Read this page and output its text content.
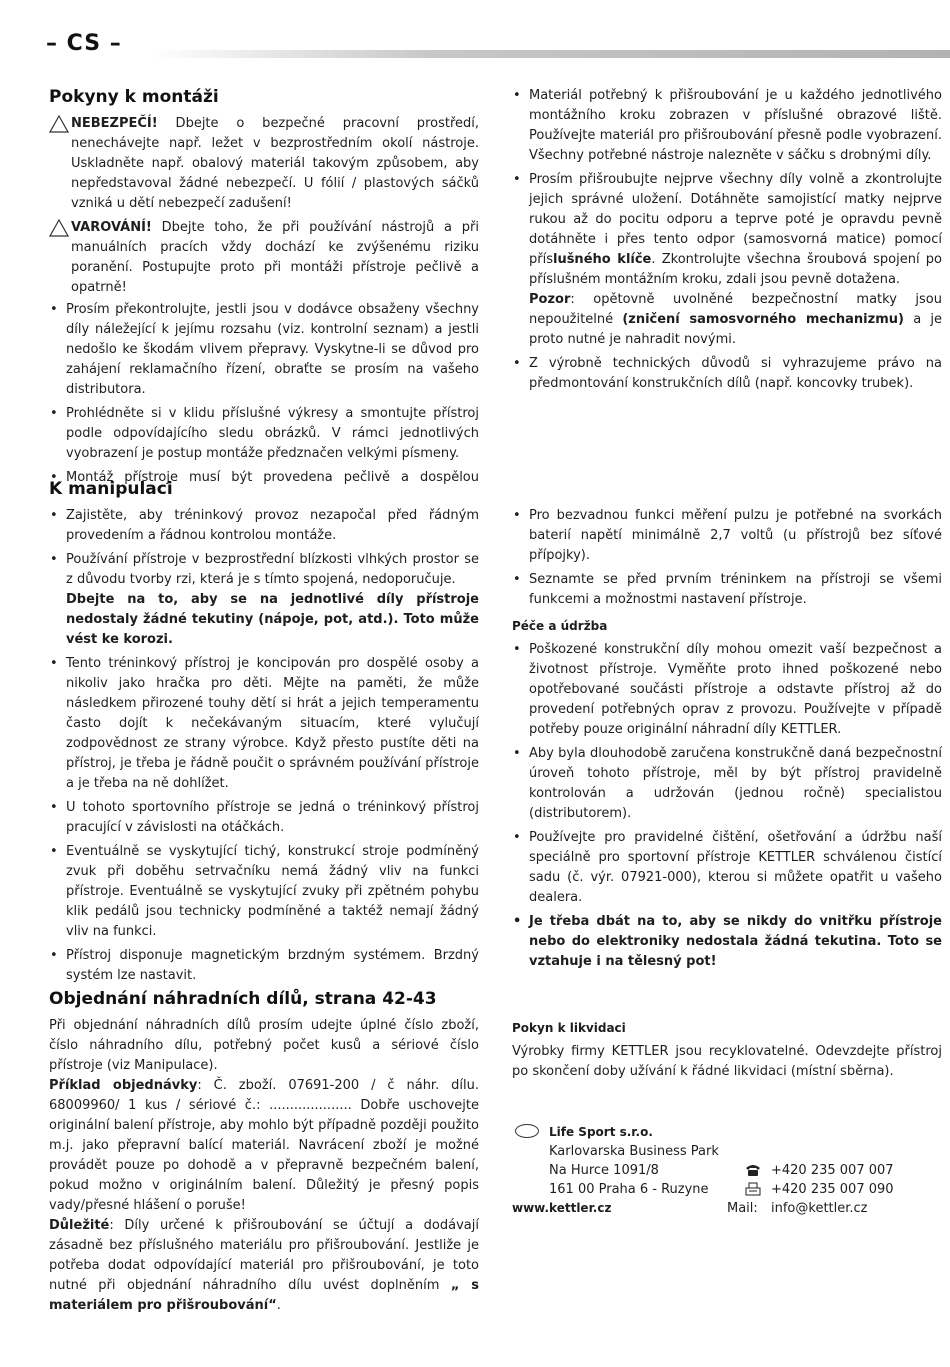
– CS –
Pokyny k montáži
NEBEZPEČÍ! Dbejte o bezpečné pracovní prostředí, nenechávejte např. ležet v bezprostředním okolí nástroje. Uskladněte např. obalový materiál takovým způsobem, aby nepředstavoval žádné nebezpečí. U fólií / plastových sáčků vzniká u dětí nebezpečí zadušení!
VAROVÁNÍ! Dbejte toho, že při používání nástrojů a při manuálních pracích vždy dochází ke zvýšenému riziku poranění. Postupujte proto při montáži přístroje pečlivě a opatrně!
• Prosím překontrolujte, jestli jsou v dodávce obsaženy všechny díly náležející k jejímu rozsahu (viz. kontrolní seznam) a jestli nedošlo ke škodám vlivem přepravy. Vyskytne-li se důvod pro zahájení reklamačního řízení, obraťte se prosím na vašeho distributora.
• Prohlédněte si v klidu příslušné výkresy a smontujte přístroj podle odpovídajícího sledu obrázků. V rámci jednotlivých vyobrazení je postup montáže předznačen velkými písmeny.
• Montáž přístroje musí být provedena pečlivě a dospělou
• Materiál potřebný k přišroubování je u každého jednotlivého montážního kroku zobrazen v příslušné obrazové liště. Používejte materiál pro přišroubování přesně podle vyobrazení. Všechny potřebné nástroje nalezněte v sáčku s drobnými díly.
• Prosím přišroubujte nejprve všechny díly volně a zkontrolujte jejich správné uložení. Dotáhněte samojistící matky nejprve rukou až do pocitu odporu a teprve poté je opravdu pevně dotáhněte i přes tento odpor (samosvorná matice) pomocí příslušného klíče. Zkontrolujte všechna šroubová spojení po příslušném montážním kroku, zdali jsou pevně dotažena.
Pozor: opětovně uvolněné bezpečnostní matky jsou nepoužitelné (zničení samosvorného mechanizmu) a je proto nutné je nahradit novými.
• Z výrobně technických důvodů si vyhrazujeme právo na předmontování konstrukčních dílů (např. koncovky trubek).
K manipulaci
• Zajistěte, aby tréninkový provoz nezapočal před řádným provedením a řádnou kontrolou montáže.
• Používání přístroje v bezprostřední blízkosti vlhkých prostor se z důvodu tvorby rzi, která je s tímto spojená, nedoporučuje.
Dbejte na to, aby se na jednotlivé díly přístroje nedostaly žádné tekutiny (nápoje, pot, atd.). Toto může vést ke korozi.
• Tento tréninkový přístroj je koncipován pro dospělé osoby a nikoliv jako hračka pro děti. Mějte na paměti, že může následkem přirozené touhy dětí si hrát a jejich temperamentu často dojít k nečekávaným situacím, které vylučují zodpovědnost ze strany výrobce. Když přesto pustíte děti na přístroj, je třeba je řádně poučit o správném používání přístroje a je třeba na ně dohlížet.
• U tohoto sportovního přístroje se jedná o tréninkový přístroj pracující v závislosti na otáčkách.
• Eventuálně se vyskytující tichý, konstrukcí stroje podmíněný zvuk při doběhu setrvačníku nemá žádný vliv na funkci přístroje. Eventuálně se vyskytující zvuky při zpětném pohybu klik pedálů jsou technicky podmíněné a taktéž nemají žádný vliv na funkci.
• Přístroj disponuje magnetickým brzdným systémem. Brzdný systém lze nastavit.
• Pro bezvadnou funkci měření pulzu je potřebné na svorkách baterií napětí minimálně 2,7 voltů (u přístrojů bez síťové přípojky).
• Seznamte se před prvním tréninkem na přístroji se všemi funkcemi a možnostmi nastavení přístroje.
Péče a údržba
• Poškozené konstrukční díly mohou omezit vaší bezpečnost a životnost přístroje. Vyměňte proto ihned poškozené nebo opotřebované součásti přístroje a odstavte přístroj až do provedení potřebných oprav z provozu. Používejte v případě potřeby pouze originální náhradní díly KETTLER.
• Aby byla dlouhodobě zaručena konstrukčně daná bezpečnostní úroveň tohoto přístroje, měl by být přístroj pravidelně kontrolován a udržován (jednou ročně) specialistou (distributorem).
• Používejte pro pravidelné čištění, ošetřování a údržbu naší speciálně pro sportovní přístroje KETTLER schválenou čistící sadu (č. výr. 07921-000), kterou si můžete opatřit u vašeho dealera.
• Je třeba dbát na to, aby se nikdy do vnitřku přístroje nebo do elektroniky nedostala žádná tekutina. Toto se vztahuje i na tělesný pot!
Objednání náhradních dílů, strana 42-43

Při objednání náhradních dílů prosím udejte úplné číslo zboží, číslo náhradního dílu, potřebný počet kusů a sériové číslo přístroje (viz Manipulace).

Příklad objednávky: Č. zboží. 07691-200 / č náhr. dílu. 68009960/ 1 kus / sériové č.: .................... Dobře uschovejte originální balení přístroje, aby mohlo být případně později použito m.j. jako přepravní balící materiál. Navrácení zboží je možné provádět pouze po dohodě a v přepravně bezpečném balení, pokud možno v originálním balení. Důležitý je přesný popis vady/přesné hlášení o poruše!

Důležité: Díly určené k přišroubování se účtují a dodávají zásadně bez příslušného materiálu pro přišroubování. Jestliže je potřeba dodat odpovídající materiál pro přišroubování, je toto nutné při objednání náhradního dílu uvést doplněním „ s materiálem pro přišroubování“.

Pokyn k likvidaci

Výrobky firmy KETTLER jsou recyklovatelné. Odevzdejte přístroj po skončení doby užívání k řádné likvidaci (místní sběrna).

Life Sport s.r.o.
Karlovarska Business Park
Na Hurce 1091/8
161 00 Praha 6 - Ruzyne
+420 235 007 007
+420 235 007 090
www.kettler.cz	Mail: info@kettler.cz
